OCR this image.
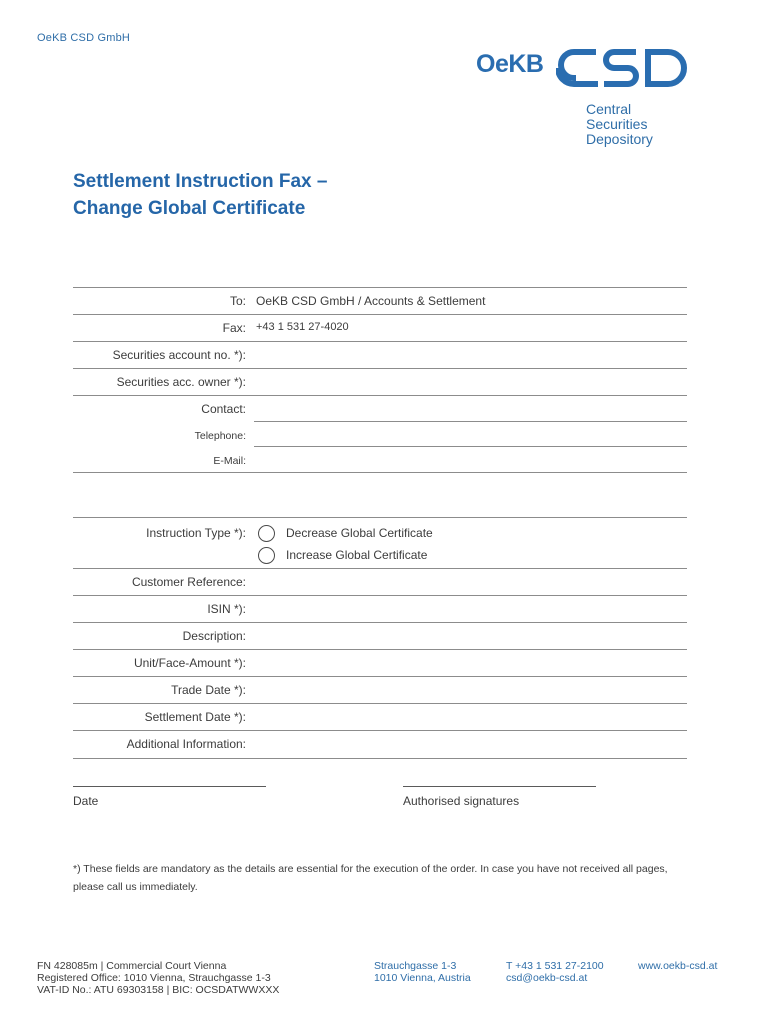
OeKB CSD GmbH
OeKB
Central
Securities
Depository
Settlement Instruction Fax –
Change Global Certificate
To: OeKB CSD GmbH / Accounts & Settlement
Fax: +43 1 531 27-4020
Securities account no. *):
Securities acc. owner *):
Contact:
Telephone:
E-Mail:
Instruction Type *):	Decrease Global Certificate
Increase Global Certificate
Customer Reference:
ISIN *):
Description:
Unit/Face-Amount *):
Trade Date *):
Settlement Date *):
Additional Information:
Date	Authorised signatures
*) These fields are mandatory as the details are essential for the execution of the order. In case you have not received all pages, please call us immediately.
FN 428085m | Commercial Court Vienna
Registered Office: 1010 Vienna, Strauchgasse 1-3
VAT-ID No.: ATU 69303158 | BIC: OCSDATWWXXX
Strauchgasse 1-3
1010 Vienna, Austria
T +43 1 531 27-2100
csd@oekb-csd.at
www.oekb-csd.at
